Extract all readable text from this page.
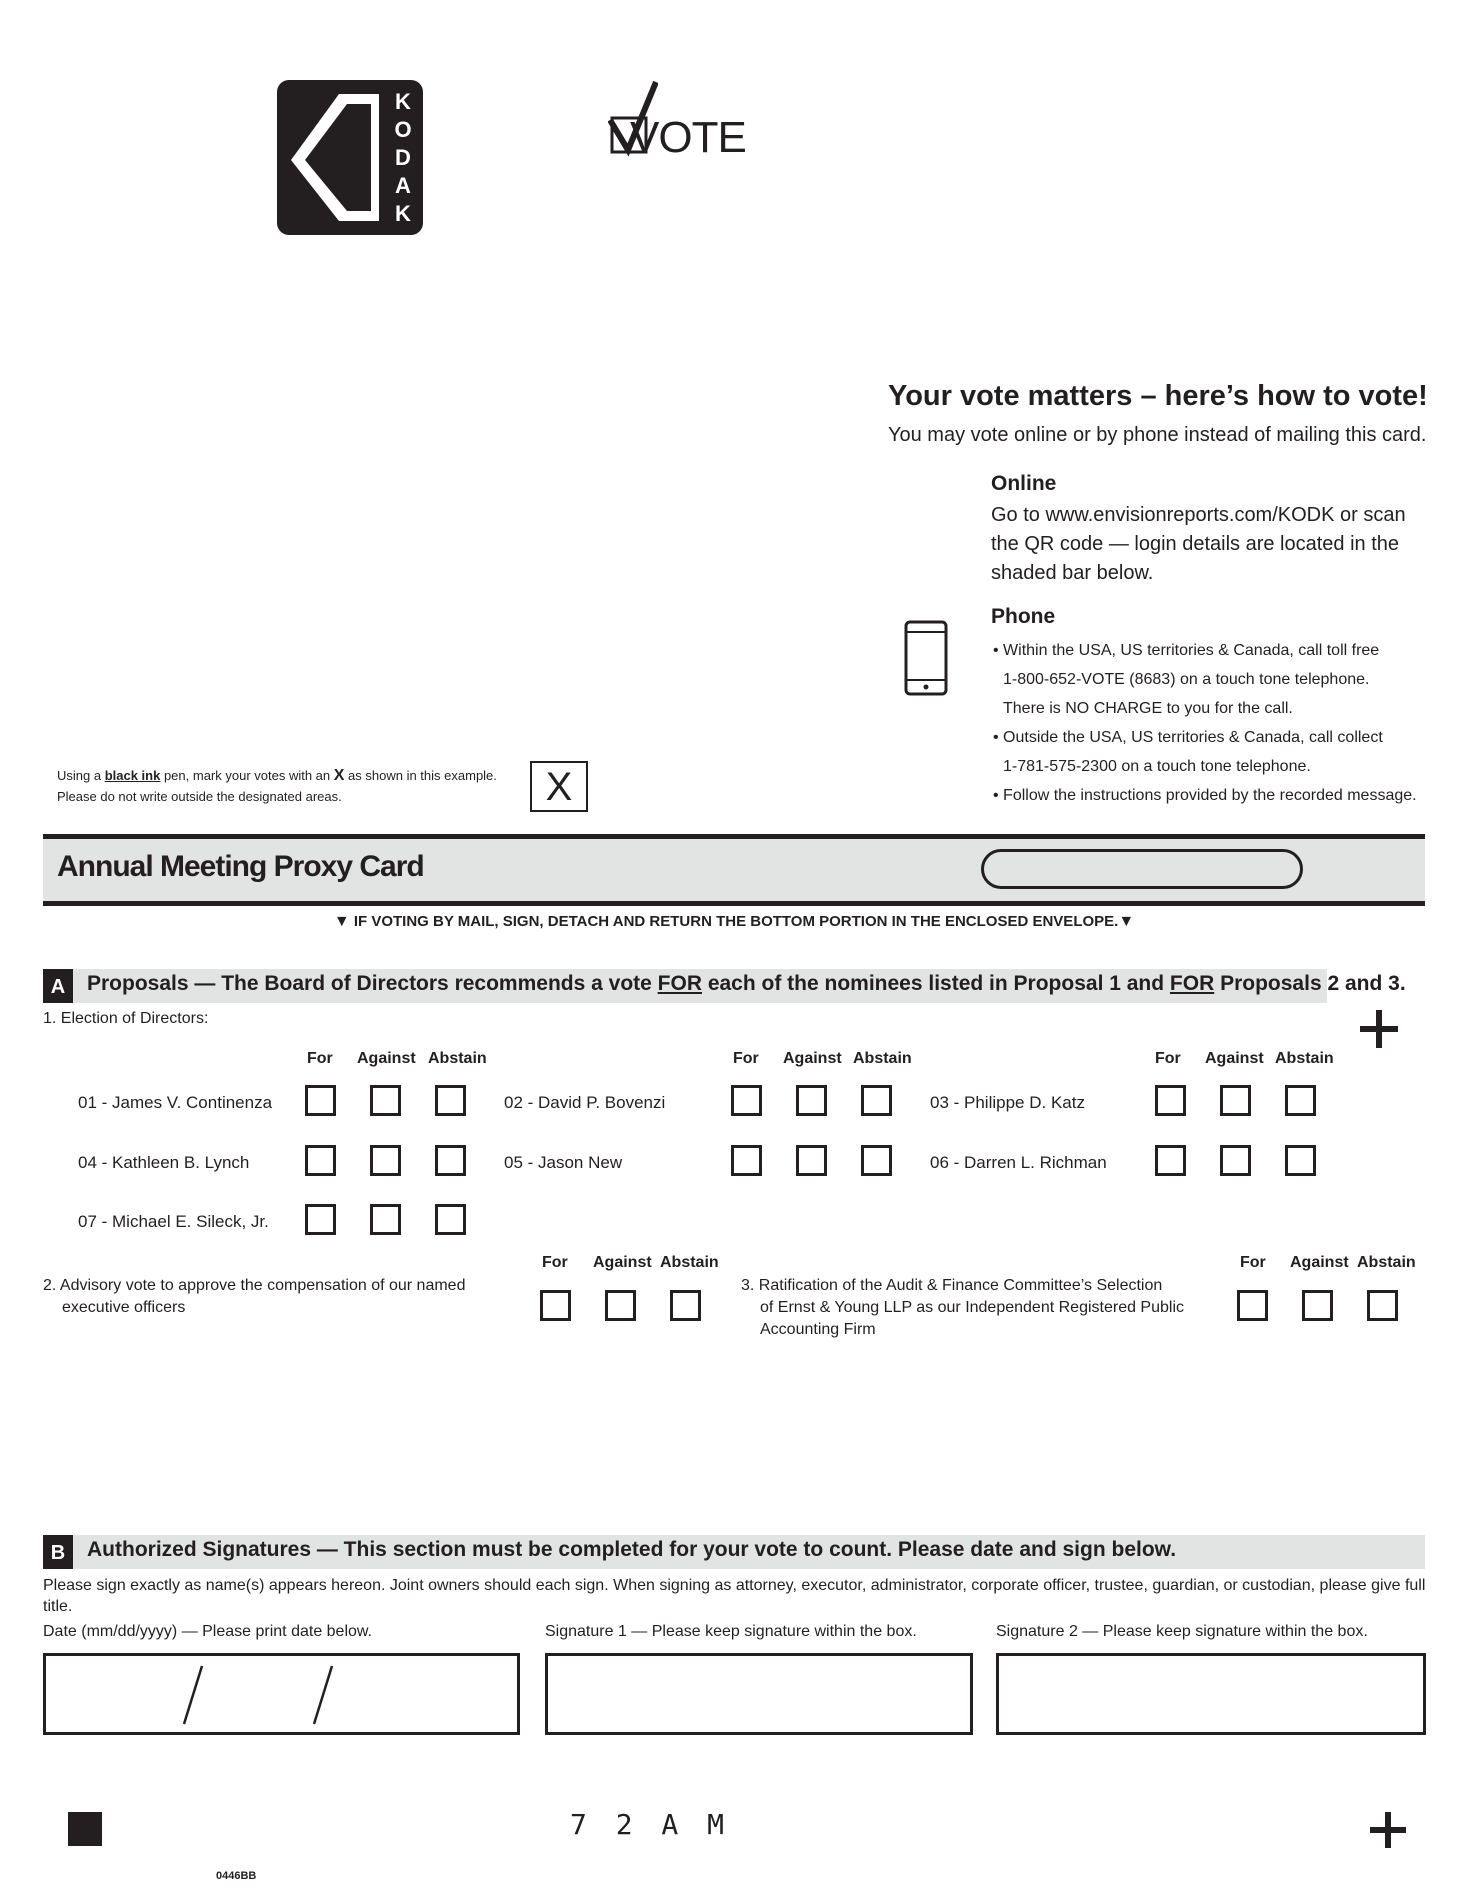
KODAK
VOTE
Your vote matters – here’s how to vote!
You may vote online or by phone instead of mailing this card.
Online
Go to www.envisionreports.com/KODK or scan
the QR code — login details are located in the
shaded bar below.
Phone
• Within the USA, US territories & Canada, call toll free
1-800-652-VOTE (8683) on a touch tone telephone.
There is NO CHARGE to you for the call.
• Outside the USA, US territories & Canada, call collect
1-781-575-2300 on a touch tone telephone.
• Follow the instructions provided by the recorded message.
Using a black ink pen, mark your votes with an X as shown in this example.
Please do not write outside the designated areas.	X
Annual Meeting Proxy Card
▼ IF VOTING BY MAIL, SIGN, DETACH AND RETURN THE BOTTOM PORTION IN THE ENCLOSED ENVELOPE.▼
A	Proposals — The Board of Directors recommends a vote FOR each of the nominees listed in Proposal 1 and FOR Proposals 2 and 3.
1. Election of Directors:
For Against Abstain	For Against Abstain	For Against Abstain
01 - James V. Continenza	02 - David P. Bovenzi	03 - Philippe D. Katz
04 - Kathleen B. Lynch	05 - Jason New	06 - Darren L. Richman
07 - Michael E. Sileck, Jr.
2. Advisory vote to approve the compensation of our named
executive officers
For Against Abstain
3. Ratification of the Audit & Finance Committee’s Selection
of Ernst & Young LLP as our Independent Registered Public
Accounting Firm
For Against Abstain
B	Authorized Signatures — This section must be completed for your vote to count. Please date and sign below.
Please sign exactly as name(s) appears hereon. Joint owners should each sign. When signing as attorney, executor, administrator, corporate officer, trustee, guardian, or custodian, please give full title.
Date (mm/dd/yyyy) — Please print date below.	Signature 1 — Please keep signature within the box.	Signature 2 — Please keep signature within the box.
7 2 A M
0446BB
